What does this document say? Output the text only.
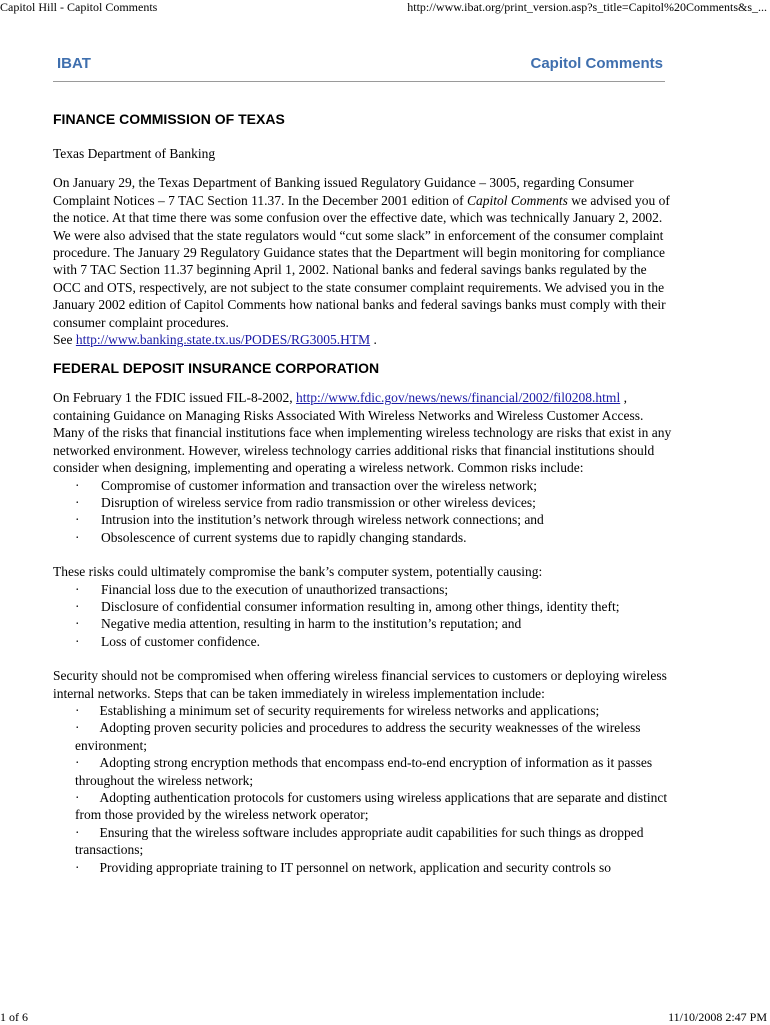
Capitol Hill - Capitol Comments	http://www.ibat.org/print_version.asp?s_title=Capitol%20Comments&s_...
IBAT	Capitol Comments
FINANCE COMMISSION OF TEXAS

Texas Department of Banking

On January 29, the Texas Department of Banking issued Regulatory Guidance – 3005, regarding Consumer Complaint Notices – 7 TAC Section 11.37. In the December 2001 edition of Capitol Comments we advised you of the notice. At that time there was some confusion over the effective date, which was technically January 2, 2002. We were also advised that the state regulators would “cut some slack” in enforcement of the consumer complaint procedure. The January 29 Regulatory Guidance states that the Department will begin monitoring for compliance with 7 TAC Section 11.37 beginning April 1, 2002. National banks and federal savings banks regulated by the OCC and OTS, respectively, are not subject to the state consumer complaint requirements. We advised you in the January 2002 edition of Capitol Comments how national banks and federal savings banks must comply with their consumer complaint procedures.

See http://www.banking.state.tx.us/PODES/RG3005.HTM .

FEDERAL DEPOSIT INSURANCE CORPORATION

On February 1 the FDIC issued FIL-8-2002, http://www.fdic.gov/news/news/financial/2002/fil0208.html , containing Guidance on Managing Risks Associated With Wireless Networks and Wireless Customer Access. Many of the risks that financial institutions face when implementing wireless technology are risks that exist in any networked environment. However, wireless technology carries additional risks that financial institutions should consider when designing, implementing and operating a wireless network. Common risks include:

· Compromise of customer information and transaction over the wireless network;
· Disruption of wireless service from radio transmission or other wireless devices;
· Intrusion into the institution’s network through wireless network connections; and
· Obsolescence of current systems due to rapidly changing standards.

These risks could ultimately compromise the bank’s computer system, potentially causing:

· Financial loss due to the execution of unauthorized transactions;
· Disclosure of confidential consumer information resulting in, among other things, identity theft;
· Negative media attention, resulting in harm to the institution’s reputation; and
· Loss of customer confidence.

Security should not be compromised when offering wireless financial services to customers or deploying wireless internal networks. Steps that can be taken immediately in wireless implementation include:

· Establishing a minimum set of security requirements for wireless networks and applications;
· Adopting proven security policies and procedures to address the security weaknesses of the wireless environment;
· Adopting strong encryption methods that encompass end-to-end encryption of information as it passes throughout the wireless network;
· Adopting authentication protocols for customers using wireless applications that are separate and distinct from those provided by the wireless network operator;
· Ensuring that the wireless software includes appropriate audit capabilities for such things as dropped transactions;
· Providing appropriate training to IT personnel on network, application and security controls so
1 of 6	11/10/2008 2:47 PM
